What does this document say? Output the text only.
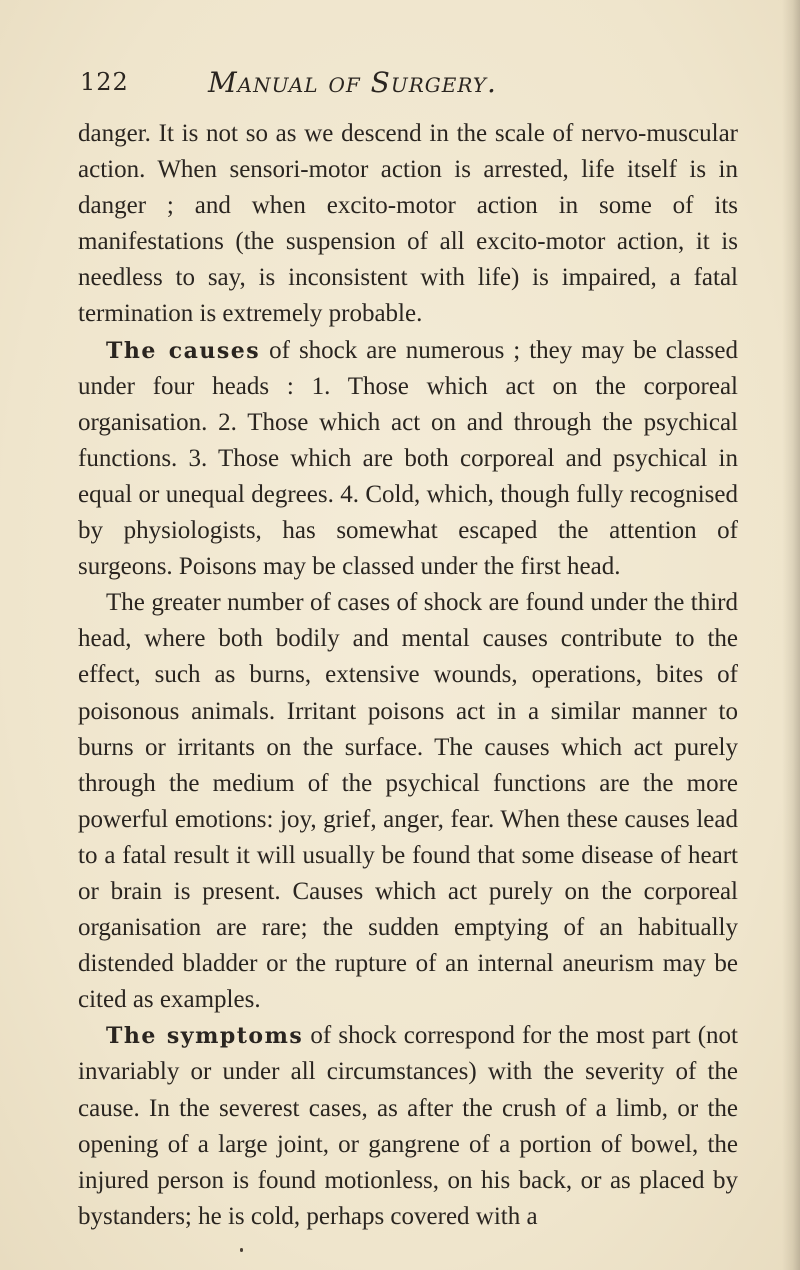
122	Manual of Surgery.

danger. It is not so as we descend in the scale of nervo-muscular action. When sensori-motor action is arrested, life itself is in danger ; and when excito-motor action in some of its manifestations (the suspension of all excito-motor action, it is needless to say, is inconsistent with life) is impaired, a fatal termination is extremely probable.

The causes of shock are numerous ; they may be classed under four heads : 1. Those which act on the corporeal organisation. 2. Those which act on and through the psychical functions. 3. Those which are both corporeal and psychical in equal or unequal degrees. 4. Cold, which, though fully recognised by physiologists, has somewhat escaped the attention of surgeons. Poisons may be classed under the first head.

The greater number of cases of shock are found under the third head, where both bodily and mental causes contribute to the effect, such as burns, extensive wounds, operations, bites of poisonous animals. Irritant poisons act in a similar manner to burns or irritants on the surface. The causes which act purely through the medium of the psychical functions are the more powerful emotions: joy, grief, anger, fear. When these causes lead to a fatal result it will usually be found that some disease of heart or brain is present. Causes which act purely on the corporeal organisation are rare; the sudden emptying of an habitually distended bladder or the rupture of an internal aneurism may be cited as examples.

The symptoms of shock correspond for the most part (not invariably or under all circumstances) with the severity of the cause. In the severest cases, as after the crush of a limb, or the opening of a large joint, or gangrene of a portion of bowel, the injured person is found motionless, on his back, or as placed by bystanders; he is cold, perhaps covered with a
